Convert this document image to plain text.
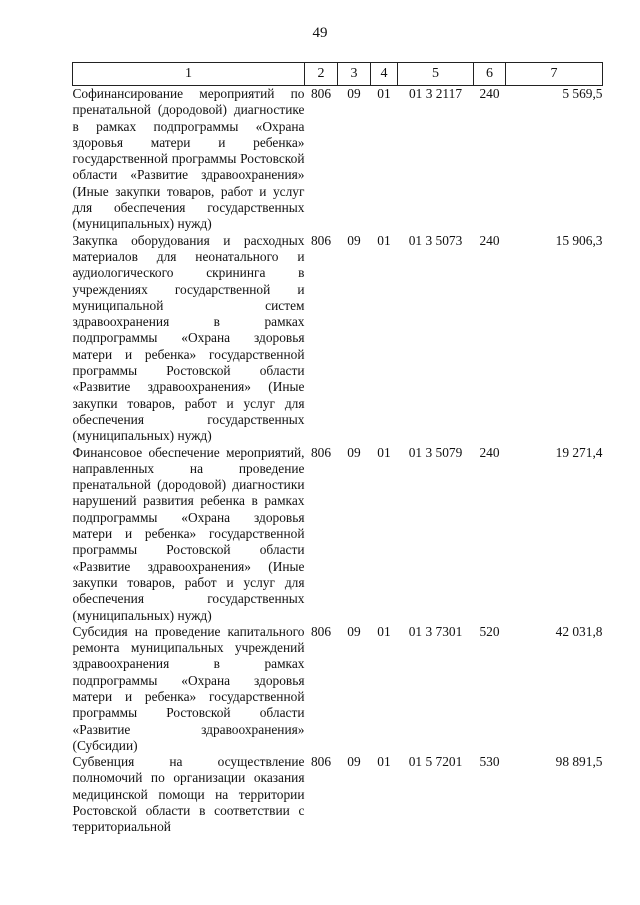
49
1	2	3	4	5	6	7
Софинансирование мероприятий по пренатальной (дородовой) диагностике в рамках подпрограммы «Охрана здоровья матери и ребенка» государственной программы Ростовской области «Развитие здравоохранения» (Иные закупки товаров, работ и услуг для обеспечения государственных (муниципальных) нужд)	806	09	01	01 3 2117	240	5 569,5
Закупка оборудования и расходных материалов для неонатального и аудиологического скрининга в учреждениях государственной и муниципальной систем здравоохранения в рамках подпрограммы «Охрана здоровья матери и ребенка» государственной программы Ростовской области «Развитие здравоохранения» (Иные закупки товаров, работ и услуг для обеспечения государственных (муниципальных) нужд)	806	09	01	01 3 5073	240	15 906,3
Финансовое обеспечение мероприятий, направленных на проведение пренатальной (дородовой) диагностики нарушений развития ребенка в рамках подпрограммы «Охрана здоровья матери и ребенка» государственной программы Ростовской области «Развитие здравоохранения» (Иные закупки товаров, работ и услуг для обеспечения государственных (муниципальных) нужд)	806	09	01	01 3 5079	240	19 271,4
Субсидия на проведение капитального ремонта муниципальных учреждений здравоохранения в рамках подпрограммы «Охрана здоровья матери и ребенка» государственной программы Ростовской области «Развитие здравоохранения» (Субсидии)	806	09	01	01 3 7301	520	42 031,8
Субвенция на осуществление полномочий по организации оказания медицинской помощи на территории Ростовской области в соответствии с территориальной	806	09	01	01 5 7201	530	98 891,5
